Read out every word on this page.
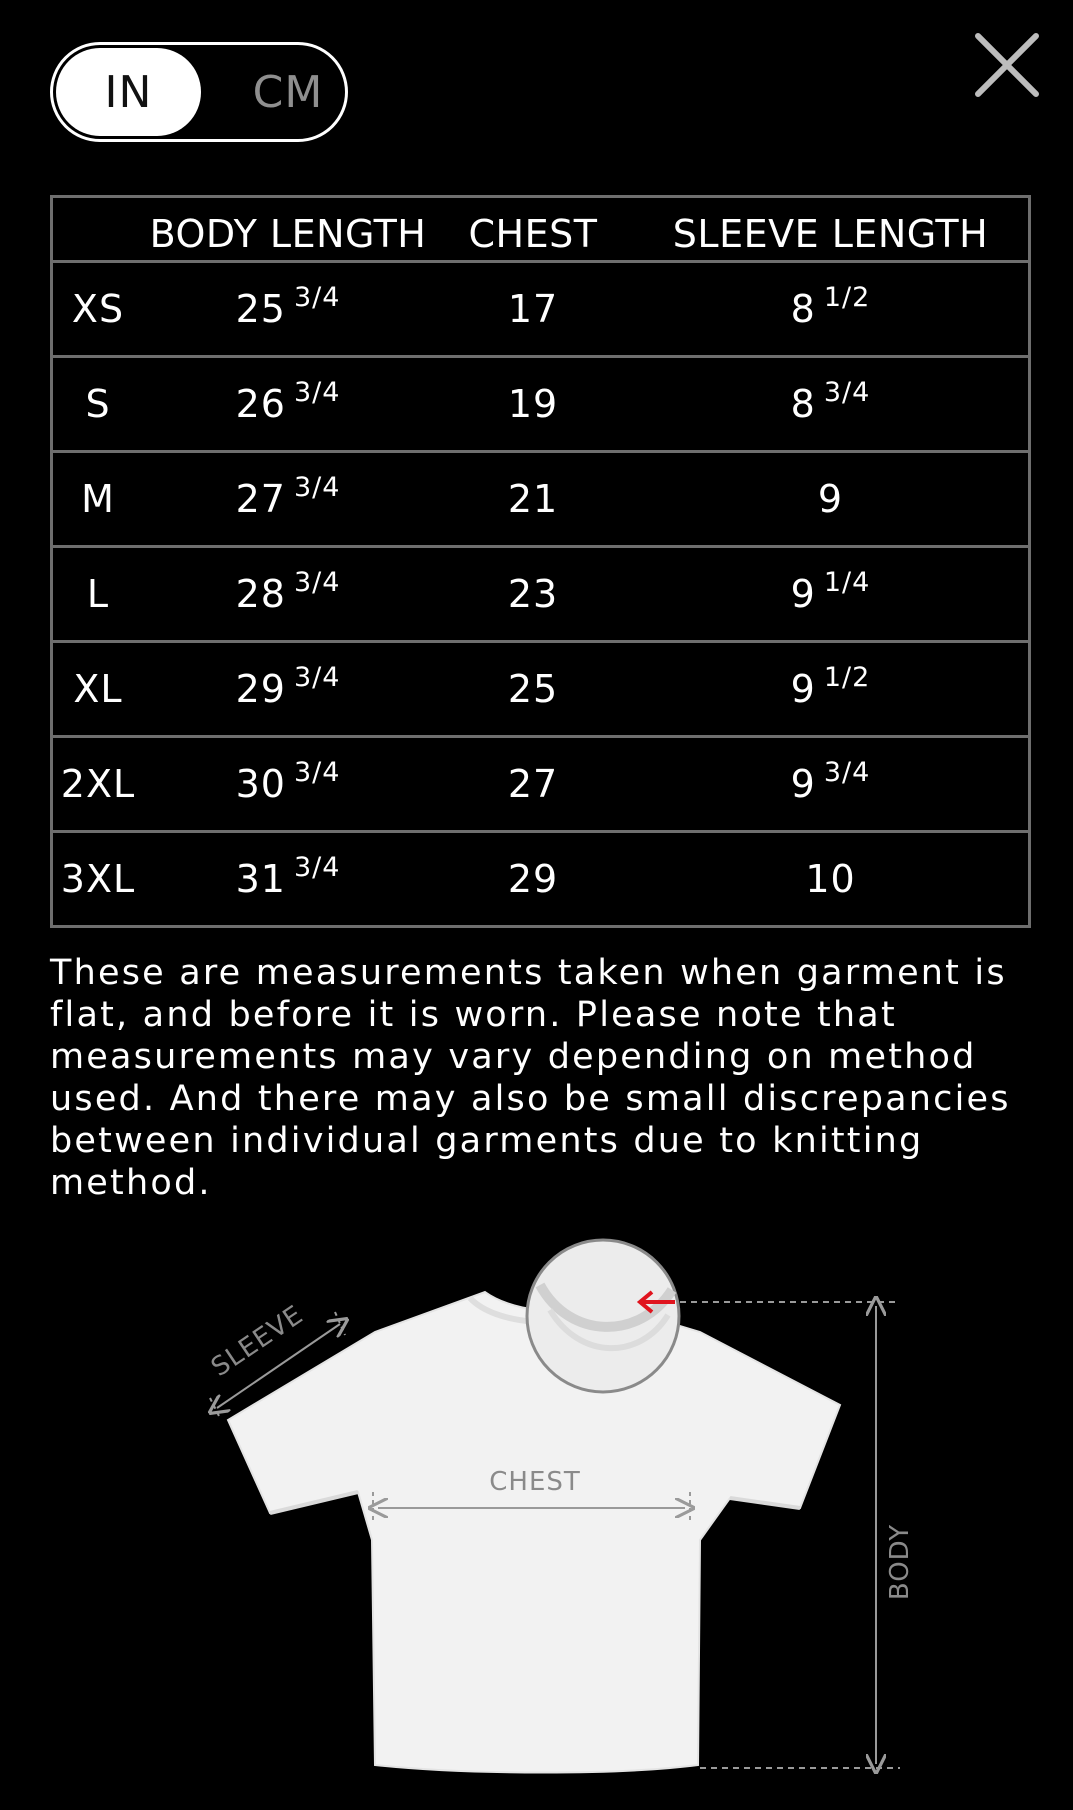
IN	CM
	BODY LENGTH	CHEST	SLEEVE LENGTH
XS	25 $^{3/4}$	17	8 $^{1/2}$
S	26 $^{3/4}$	19	8 $^{3/4}$
M	27 $^{3/4}$	21	9
L	28 $^{3/4}$	23	9 $^{1/4}$
XL	29 $^{3/4}$	25	9 $^{1/2}$
2XL	30 $^{3/4}$	27	9 $^{3/4}$
3XL	31 $^{3/4}$	29	10

These are measurements taken when garment is flat, and before it is worn. Please note that measurements may vary depending on method used. And there may also be small discrepancies between individual garments due to knitting method.

SLEEVE
CHEST
BODY
